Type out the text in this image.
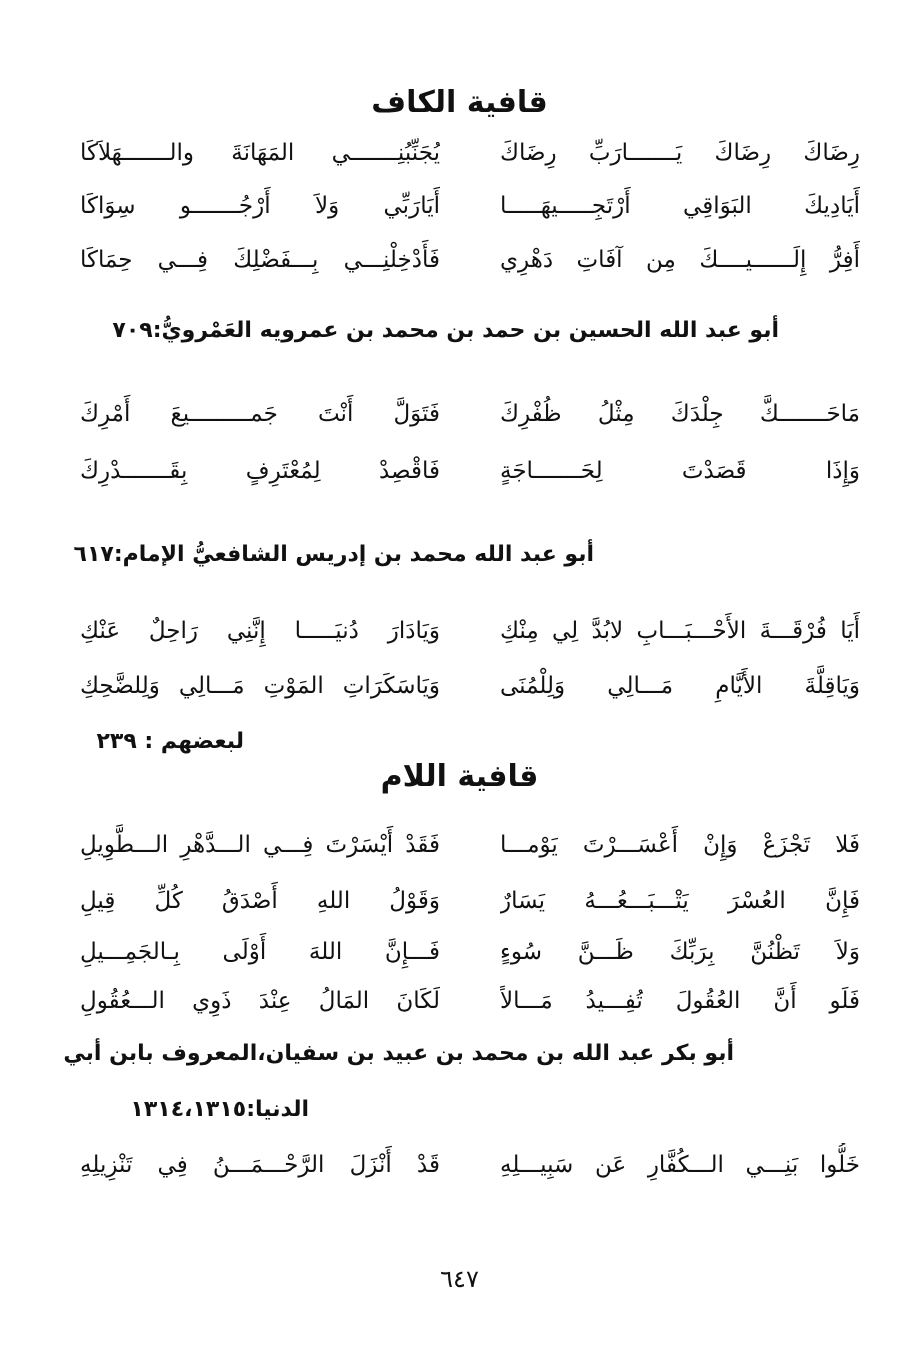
قافية الكاف
رِضَاكَ رِضَاكَ يَـــــــارَبِّ رِضَاكَ
يُجَنِّبُنِـــــــي المَهَانَةَ والـــــــهَلاَكَا
أَيَادِيكَ البَوَاقِي أَرْتَجِـــــيهَـــــا
أَيَارَبِّي وَلاَ أَرْجُـــــــو سِوَاكَا
أَفِرُّ إِلَــــــيــــكَ مِن آفَاتِ دَهْرِي
فَأَدْخِلْنِـــي بِـــفَضْلِكَ فِـــي حِمَاكَا
أبو عبد الله الحسين بن حمد بن محمد بن عمرويه العَمْرويُّ:٧٠٩
مَاحَـــــــكَّ جِلْدَكَ مِثْلُ ظُفْرِكَ
فَتَوَلَّ أَنْتَ جَمـــــــــيعَ أَمْرِكَ
وَإِذَا قَصَدْتَ لِحَـــــــاجَةٍ
فَاقْصِدْ لِمُعْتَرِفٍ بِقَـــــــدْرِكَ
أبو عبد الله محمد بن إدريس الشافعيُّ الإمام:٦١٧
أَيَا فُرْقَـــةَ الأَحْـــبَـــابِ لابُدَّ لِي مِنْكِ
وَيَادَارَ دُنيَـــــا إِنَّنِي رَاحِلٌ عَنْكِ
وَيَاقِلَّةَ الأَيَّامِ مَـــالِي وَلِلْمُنَى
وَيَاسَكَرَاتِ المَوْتِ مَـــالِي وَلِلضَّحِكِ
لبعضهم : ٢٣٩
قافية اللام
فَلا تَجْزَعْ وَإِنْ أَعْسَـــرْتَ يَوْمـــا
فَقَدْ أَيْسَرْتَ فِـــي الـــدَّهْرِ الـــطَّوِيلِ
فَإِنَّ العُسْرَ يَتْـــبَـــعُـــهُ يَسَارٌ
وَقَوْلُ اللهِ أَصْدَقُ كُلِّ قِيلِ
وَلاَ تَظْنُنَّ بِرَبِّكَ ظَـــنَّ سُوءٍ
فَـــإِنَّ اللهَ أَوْلَى بِـالجَمِـــيلِ
فَلَو أَنَّ العُقُولَ تُفِـــيدُ مَـــالاً
لَكَانَ المَالُ عِنْدَ ذَوِي الـــعُقُولِ
أبو بكر عبد الله بن محمد بن عبيد بن سفيان،المعروف بابن أبي
الدنيا:١٣١٤،١٣١٥
خَلُّوا بَنِـــي الـــكُفَّارِ عَن سَبِيـــلِهِ
قَدْ أَنْزَلَ الرَّحْـــمَـــنُ فِي تَنْزِيلِهِ
٦٤٧
